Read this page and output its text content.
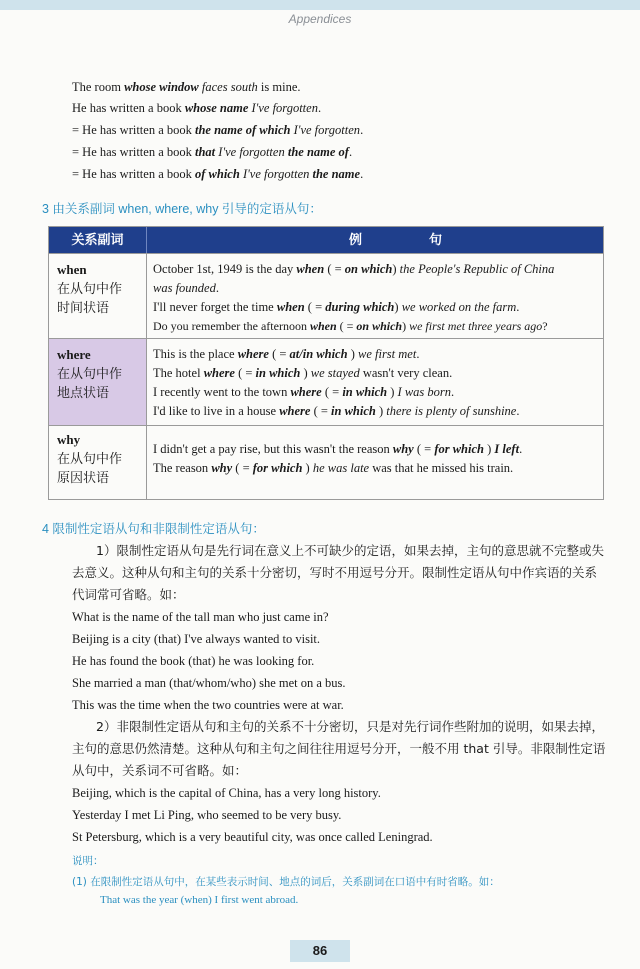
Appendices
The room whose window faces south is mine.
He has written a book whose name I've forgotten.
= He has written a book the name of which I've forgotten.
= He has written a book that I've forgotten the name of.
= He has written a book of which I've forgotten the name.
3 由关系副词 when, where, why 引导的定语从句：
关系副词	例	句
when
在从句中作
时间状语
October 1st, 1949 is the day when ( = on which) the People's Republic of China
was founded.
I'll never forget the time when ( = during which) we worked on the farm.
Do you remember the afternoon when ( = on which) we first met three years ago?
where
在从句中作
地点状语
This is the place where ( = at/in which ) we first met.
The hotel where ( = in which ) we stayed wasn't very clean.
I recently went to the town where ( = in which ) I was born.
I'd like to live in a house where ( = in which ) there is plenty of sunshine.
why
在从句中作
原因状语
I didn't get a pay rise, but this wasn't the reason why ( = for which ) I left.
The reason why ( = for which ) he was late was that he missed his train.
4 限制性定语从句和非限制性定语从句：
1）限制性定语从句是先行词在意义上不可缺少的定语，如果去掉，主句的意思就不完整或失去意义。这种从句和主句的关系十分密切，写时不用逗号分开。限制性定语从句中作宾语的关系代词常可省略。如：
What is the name of the tall man who just came in?
Beijing is a city (that) I've always wanted to visit.
He has found the book (that) he was looking for.
She married a man (that/whom/who) she met on a bus.
This was the time when the two countries were at war.
2）非限制性定语从句和主句的关系不十分密切，只是对先行词作些附加的说明，如果去掉，主句的意思仍然清楚。这种从句和主句之间往往用逗号分开，一般不用 that 引导。非限制性定语从句中，关系词不可省略。如：
Beijing, which is the capital of China, has a very long history.
Yesterday I met Li Ping, who seemed to be very busy.
St Petersburg, which is a very beautiful city, was once called Leningrad.
说明：
(1) 在限制性定语从句中，在某些表示时间、地点的词后，关系副词在口语中有时省略。如：
That was the year (when) I first went abroad.
86
